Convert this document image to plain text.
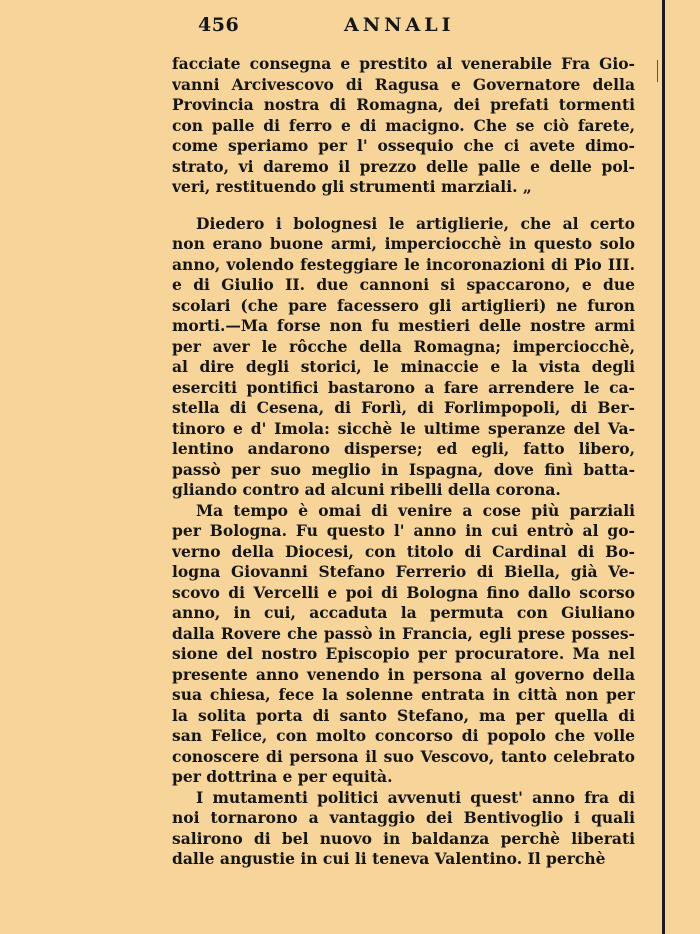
456	ANNALI
facciate consegna e prestito al venerabile Fra Gio-
vanni Arcivescovo di Ragusa e Governatore della
Provincia nostra di Romagna, dei prefati tormenti
con palle di ferro e di macigno. Che se ciò farete,
come speriamo per l' ossequio che ci avete dimo-
strato, vi daremo il prezzo delle palle e delle pol-
veri, restituendo gli strumenti marziali. „
Diedero i bolognesi le artiglierie, che al certo
non erano buone armi, imperciocchè in questo solo
anno, volendo festeggiare le incoronazioni di Pio III.
e di Giulio II. due cannoni si spaccarono, e due
scolari (che pare facessero gli artiglieri) ne furon
morti.—Ma forse non fu mestieri delle nostre armi
per aver le rôcche della Romagna; imperciocchè,
al dire degli storici, le minaccie e la vista degli
eserciti pontifici bastarono a fare arrendere le ca-
stella di Cesena, di Forlì, di Forlimpopoli, di Ber-
tinoro e d' Imola: sicchè le ultime speranze del Va-
lentino andarono disperse; ed egli, fatto libero,
passò per suo meglio in Ispagna, dove finì batta-
gliando contro ad alcuni ribelli della corona.
Ma tempo è omai di venire a cose più parziali
per Bologna. Fu questo l' anno in cui entrò al go-
verno della Diocesi, con titolo di Cardinal di Bo-
logna Giovanni Stefano Ferrerio di Biella, già Ve-
scovo di Vercelli e poi di Bologna fino dallo scorso
anno, in cui, accaduta la permuta con Giuliano
dalla Rovere che passò in Francia, egli prese posses-
sione del nostro Episcopio per procuratore. Ma nel
presente anno venendo in persona al governo della
sua chiesa, fece la solenne entrata in città non per
la solita porta di santo Stefano, ma per quella di
san Felice, con molto concorso di popolo che volle
conoscere di persona il suo Vescovo, tanto celebrato
per dottrina e per equità.
I mutamenti politici avvenuti quest' anno fra di
noi tornarono a vantaggio dei Bentivoglio i quali
salirono di bel nuovo in baldanza perchè liberati
dalle angustie in cui li teneva Valentino. Il perchè
